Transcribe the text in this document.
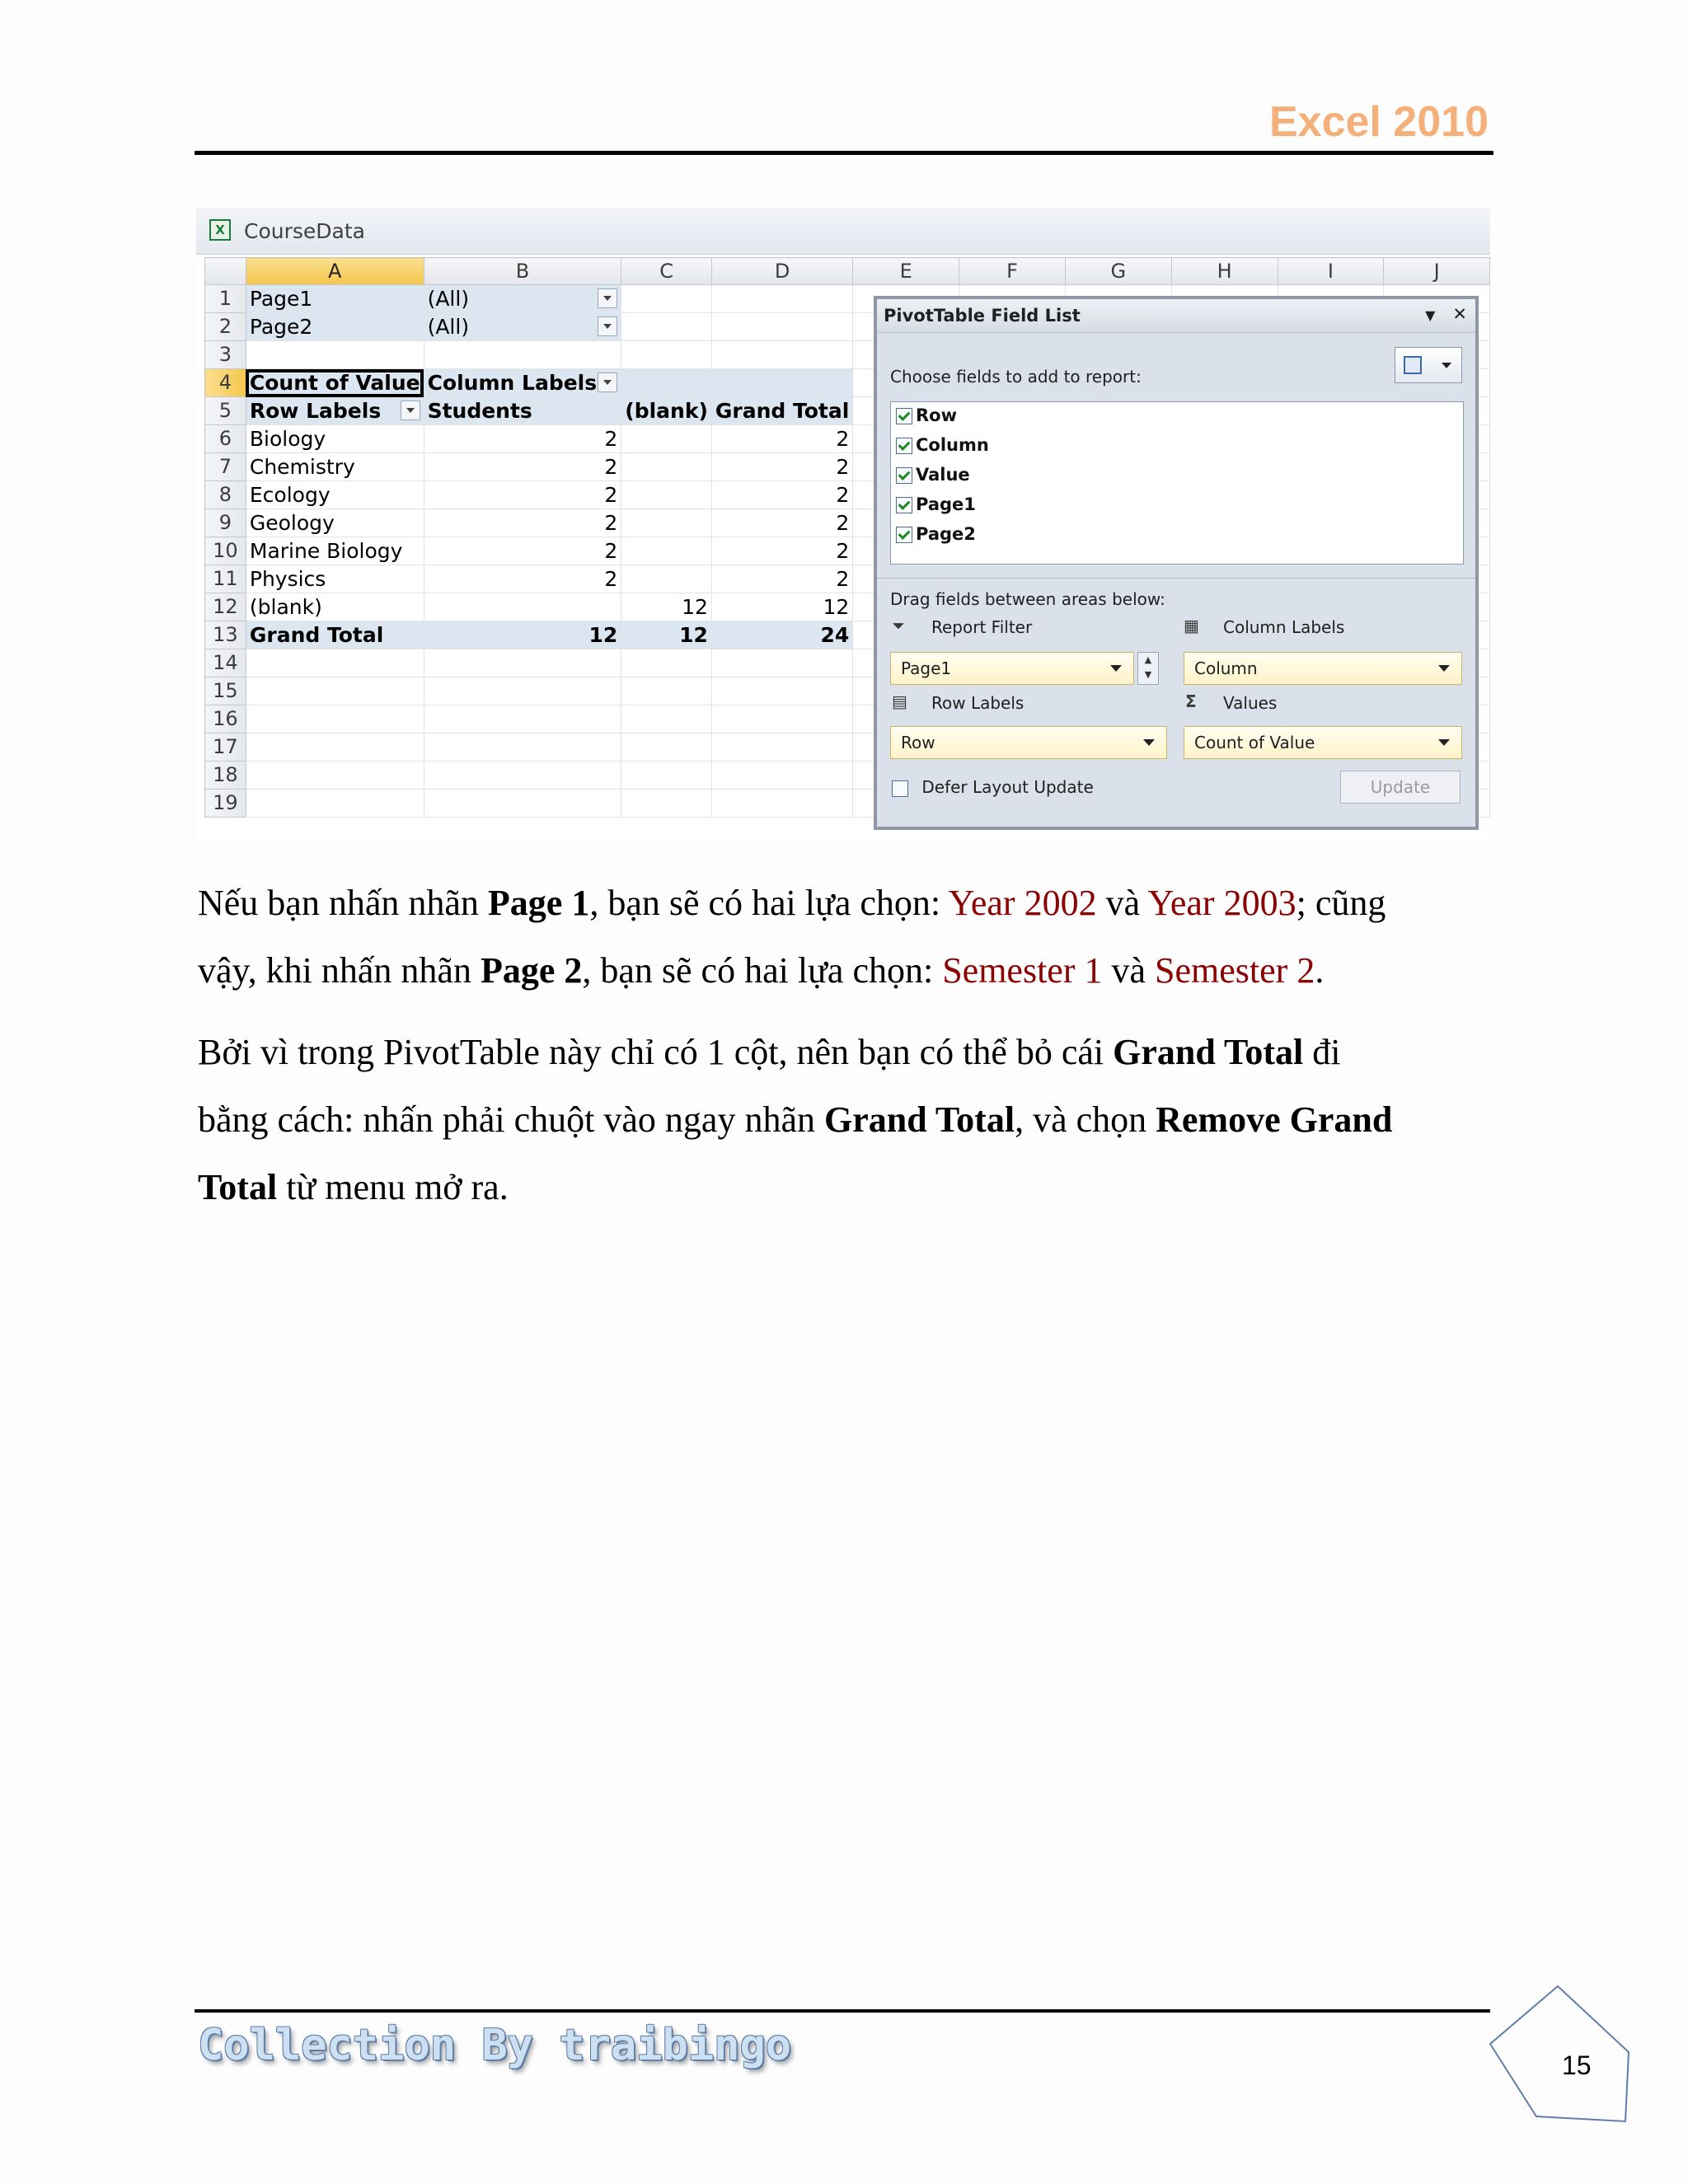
Excel 2010
X CourseData
	A	B	C	D	E	F	G	H	I	J
1	Page1	(All)

2	Page2	(All)

3										
4	Count of Value	Column Labels

5	Row Labels	Students	(blank)	Grand Total						
6	Biology	2		2						
7	Chemistry	2		2						
8	Ecology	2		2						
9	Geology	2		2						
10	Marine Biology	2		2						
11	Physics	2		2						
12	(blank)		12	12						
13	Grand Total	12	12	24						
14										
15										
16										
17										
18										
19										
PivotTable Field List	▼ ✕
Choose fields to add to report:
Row
Column
Value
Page1
Page2
Drag fields between areas below:
⏷ Report Filter	▦ Column Labels
Page1	▲
▼	Column
▤ Row Labels	Σ Values
Row	Count of Value
Defer Layout Update	Update
Nếu bạn nhấn nhãn Page 1, bạn sẽ có hai lựa chọn: Year 2002 và Year 2003; cũng
vậy, khi nhấn nhãn Page 2, bạn sẽ có hai lựa chọn: Semester 1 và Semester 2.
Bởi vì trong PivotTable này chỉ có 1 cột, nên bạn có thể bỏ cái Grand Total đi
bằng cách: nhấn phải chuột vào ngay nhãn Grand Total, và chọn Remove Grand
Total từ menu mở ra.
Collection By traibingo	15
